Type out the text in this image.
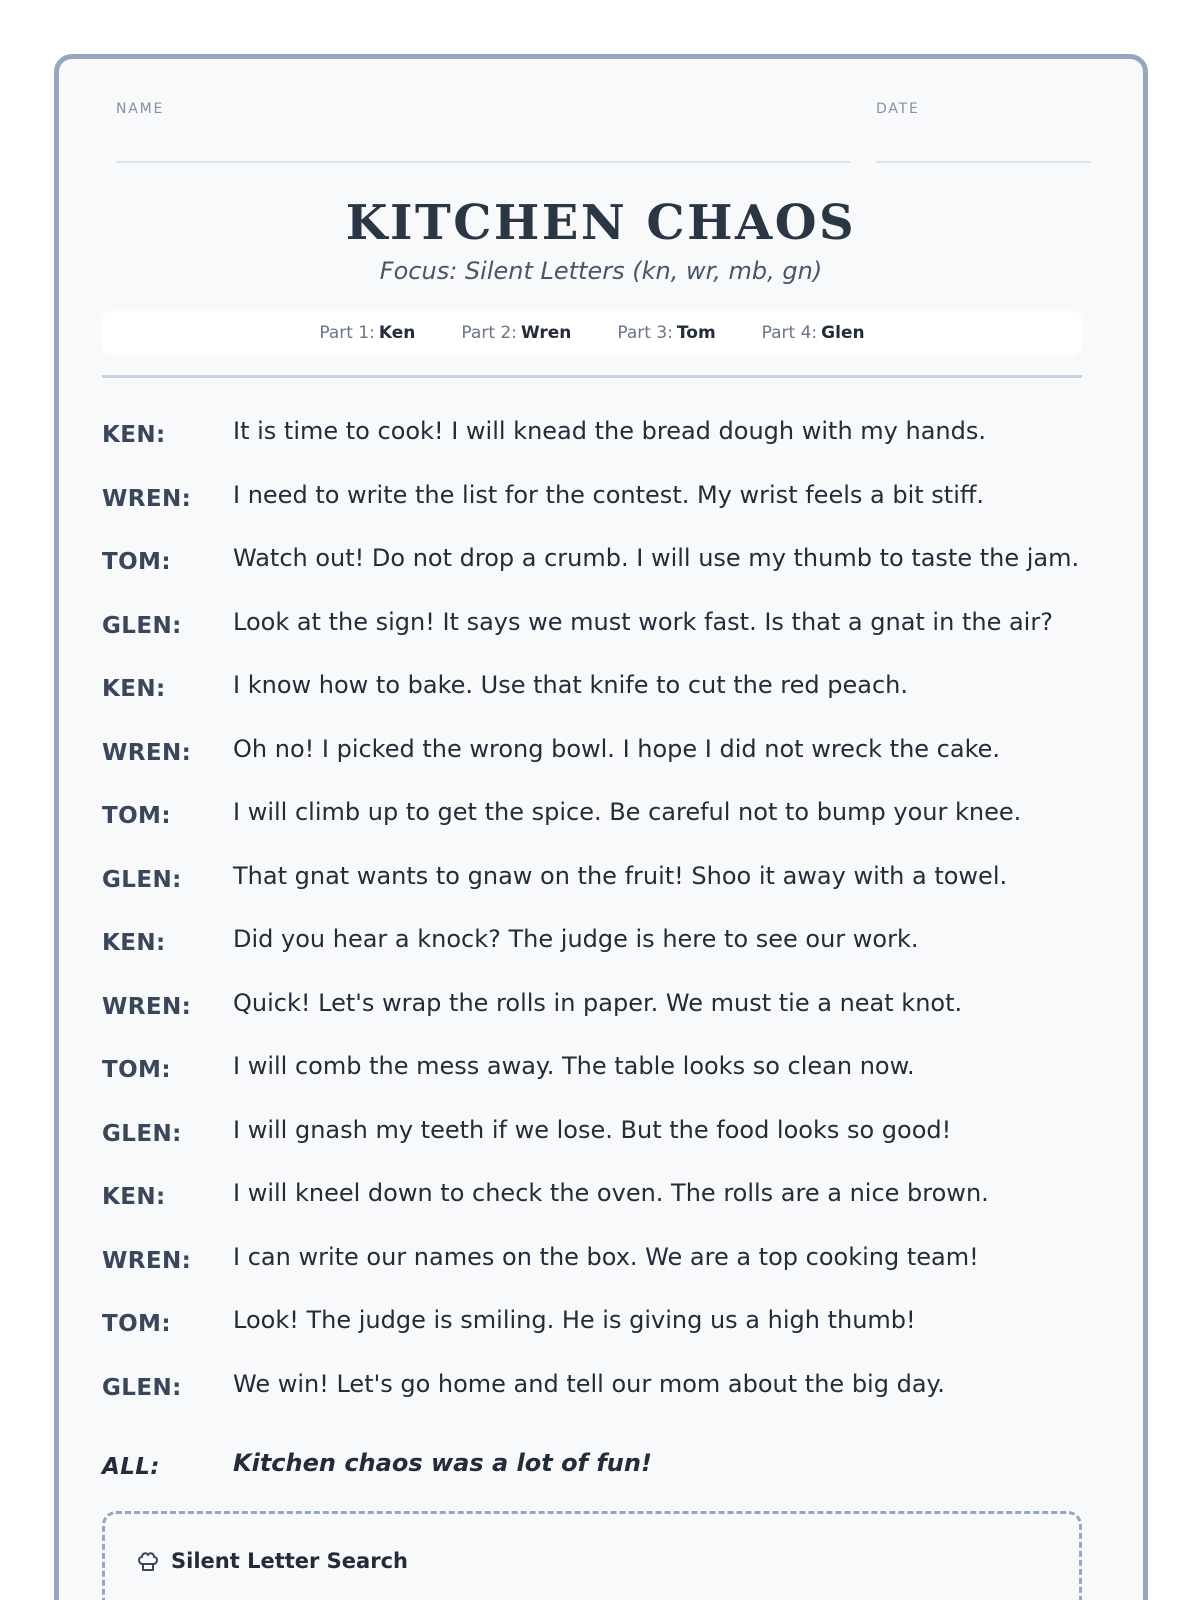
NAME	DATE
KITCHEN CHAOS
Focus: Silent Letters (kn, wr, mb, gn)
Part 1: Ken	Part 2: Wren	Part 3: Tom	Part 4: Glen
KEN:	It is time to cook! I will knead the bread dough with my hands.
WREN:	I need to write the list for the contest. My wrist feels a bit stiff.
TOM:	Watch out! Do not drop a crumb. I will use my thumb to taste the jam.
GLEN:	Look at the sign! It says we must work fast. Is that a gnat in the air?
KEN:	I know how to bake. Use that knife to cut the red peach.
WREN:	Oh no! I picked the wrong bowl. I hope I did not wreck the cake.
TOM:	I will climb up to get the spice. Be careful not to bump your knee.
GLEN:	That gnat wants to gnaw on the fruit! Shoo it away with a towel.
KEN:	Did you hear a knock? The judge is here to see our work.
WREN:	Quick! Let's wrap the rolls in paper. We must tie a neat knot.
TOM:	I will comb the mess away. The table looks so clean now.
GLEN:	I will gnash my teeth if we lose. But the food looks so good!
KEN:	I will kneel down to check the oven. The rolls are a nice brown.
WREN:	I can write our names on the box. We are a top cooking team!
TOM:	Look! The judge is smiling. He is giving us a high thumb!
GLEN:	We win! Let's go home and tell our mom about the big day.
ALL:	Kitchen chaos was a lot of fun!
Silent Letter Search
